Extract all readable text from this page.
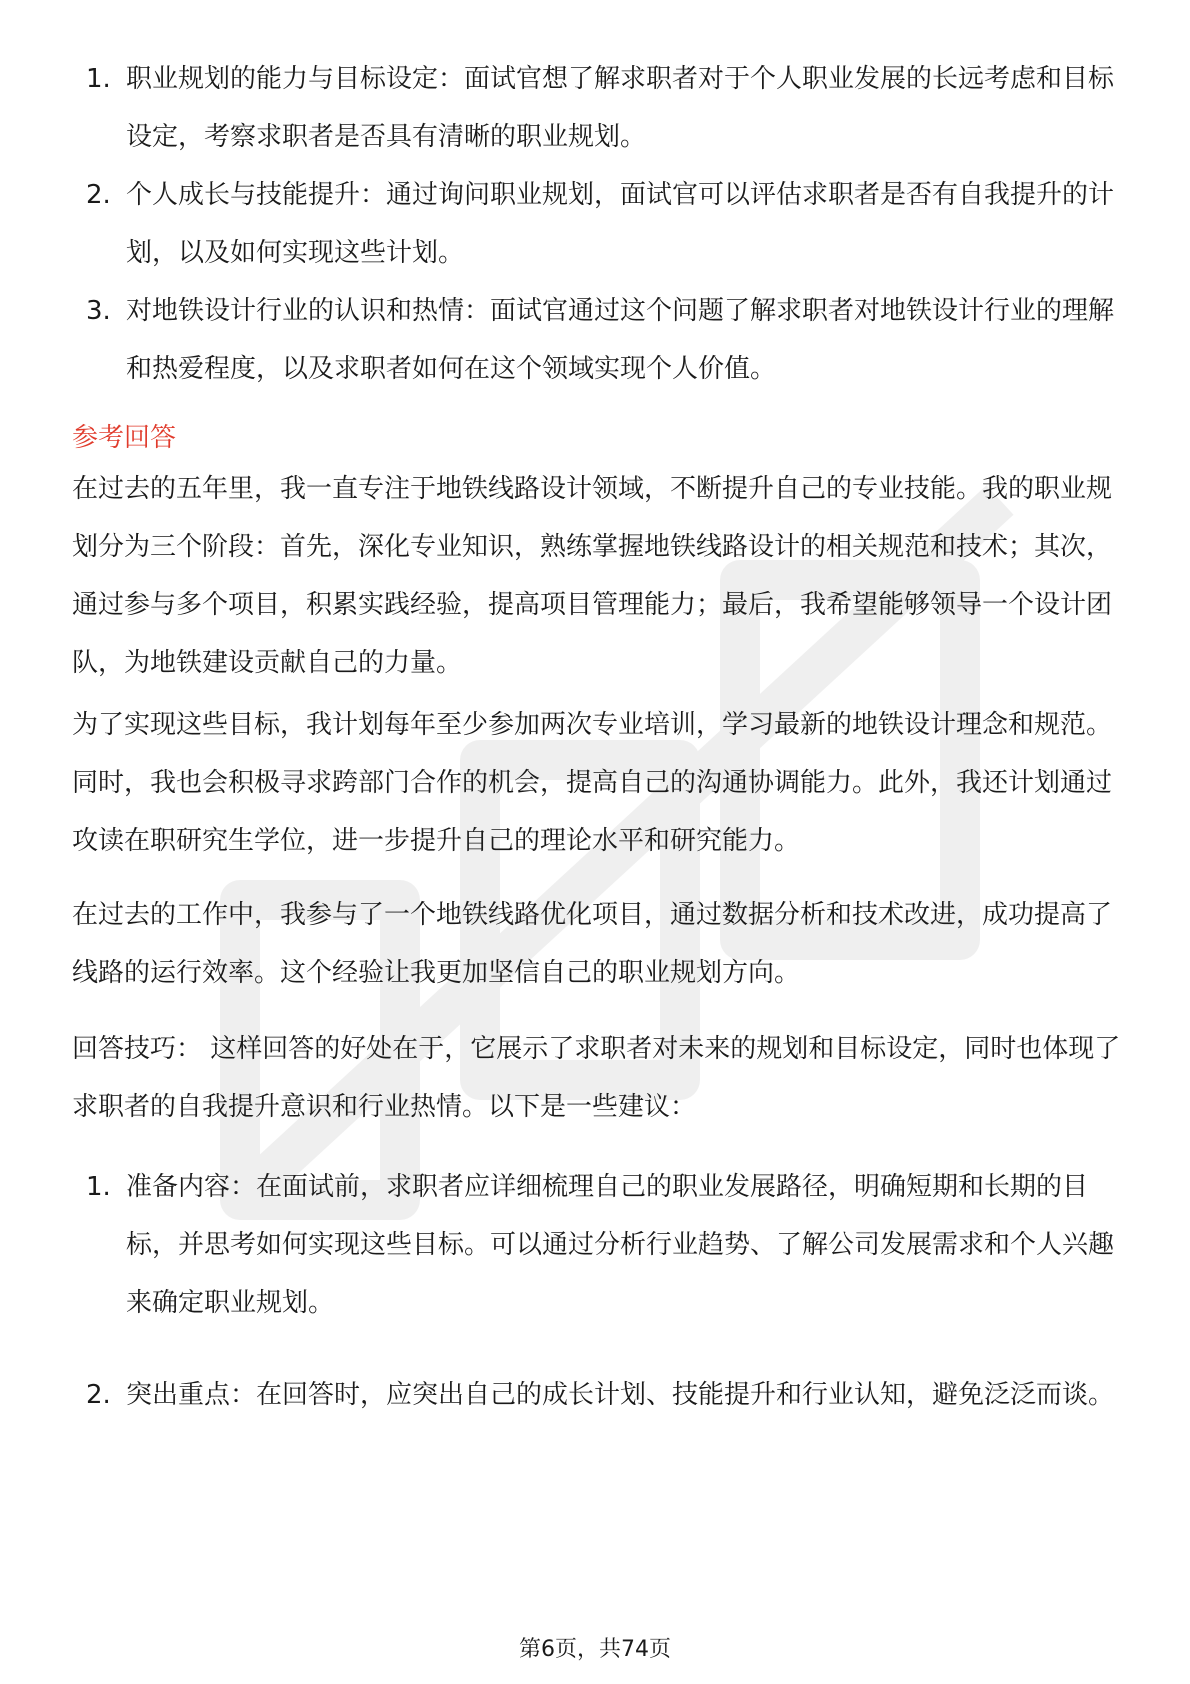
1. 职业规划的能力与目标设定：面试官想了解求职者对于个人职业发展的长远考虑和目标设定，考察求职者是否具有清晰的职业规划。
2. 个人成长与技能提升：通过询问职业规划，面试官可以评估求职者是否有自我提升的计划，以及如何实现这些计划。
3. 对地铁设计行业的认识和热情：面试官通过这个问题了解求职者对地铁设计行业的理解和热爱程度，以及求职者如何在这个领域实现个人价值。
参考回答

在过去的五年里，我一直专注于地铁线路设计领域，不断提升自己的专业技能。我的职业规划分为三个阶段：首先，深化专业知识，熟练掌握地铁线路设计的相关规范和技术；其次，通过参与多个项目，积累实践经验，提高项目管理能力；最后，我希望能够领导一个设计团队，为地铁建设贡献自己的力量。

为了实现这些目标，我计划每年至少参加两次专业培训，学习最新的地铁设计理念和规范。同时，我也会积极寻求跨部门合作的机会，提高自己的沟通协调能力。此外，我还计划通过攻读在职研究生学位，进一步提升自己的理论水平和研究能力。

在过去的工作中，我参与了一个地铁线路优化项目，通过数据分析和技术改进，成功提高了线路的运行效率。这个经验让我更加坚信自己的职业规划方向。

回答技巧： 这样回答的好处在于，它展示了求职者对未来的规划和目标设定，同时也体现了求职者的自我提升意识和行业热情。以下是一些建议：

1. 准备内容：在面试前，求职者应详细梳理自己的职业发展路径，明确短期和长期的目标，并思考如何实现这些目标。可以通过分析行业趋势、了解公司发展需求和个人兴趣来确定职业规划。
2. 突出重点：在回答时，应突出自己的成长计划、技能提升和行业认知，避免泛泛而谈。
第6页，共74页
